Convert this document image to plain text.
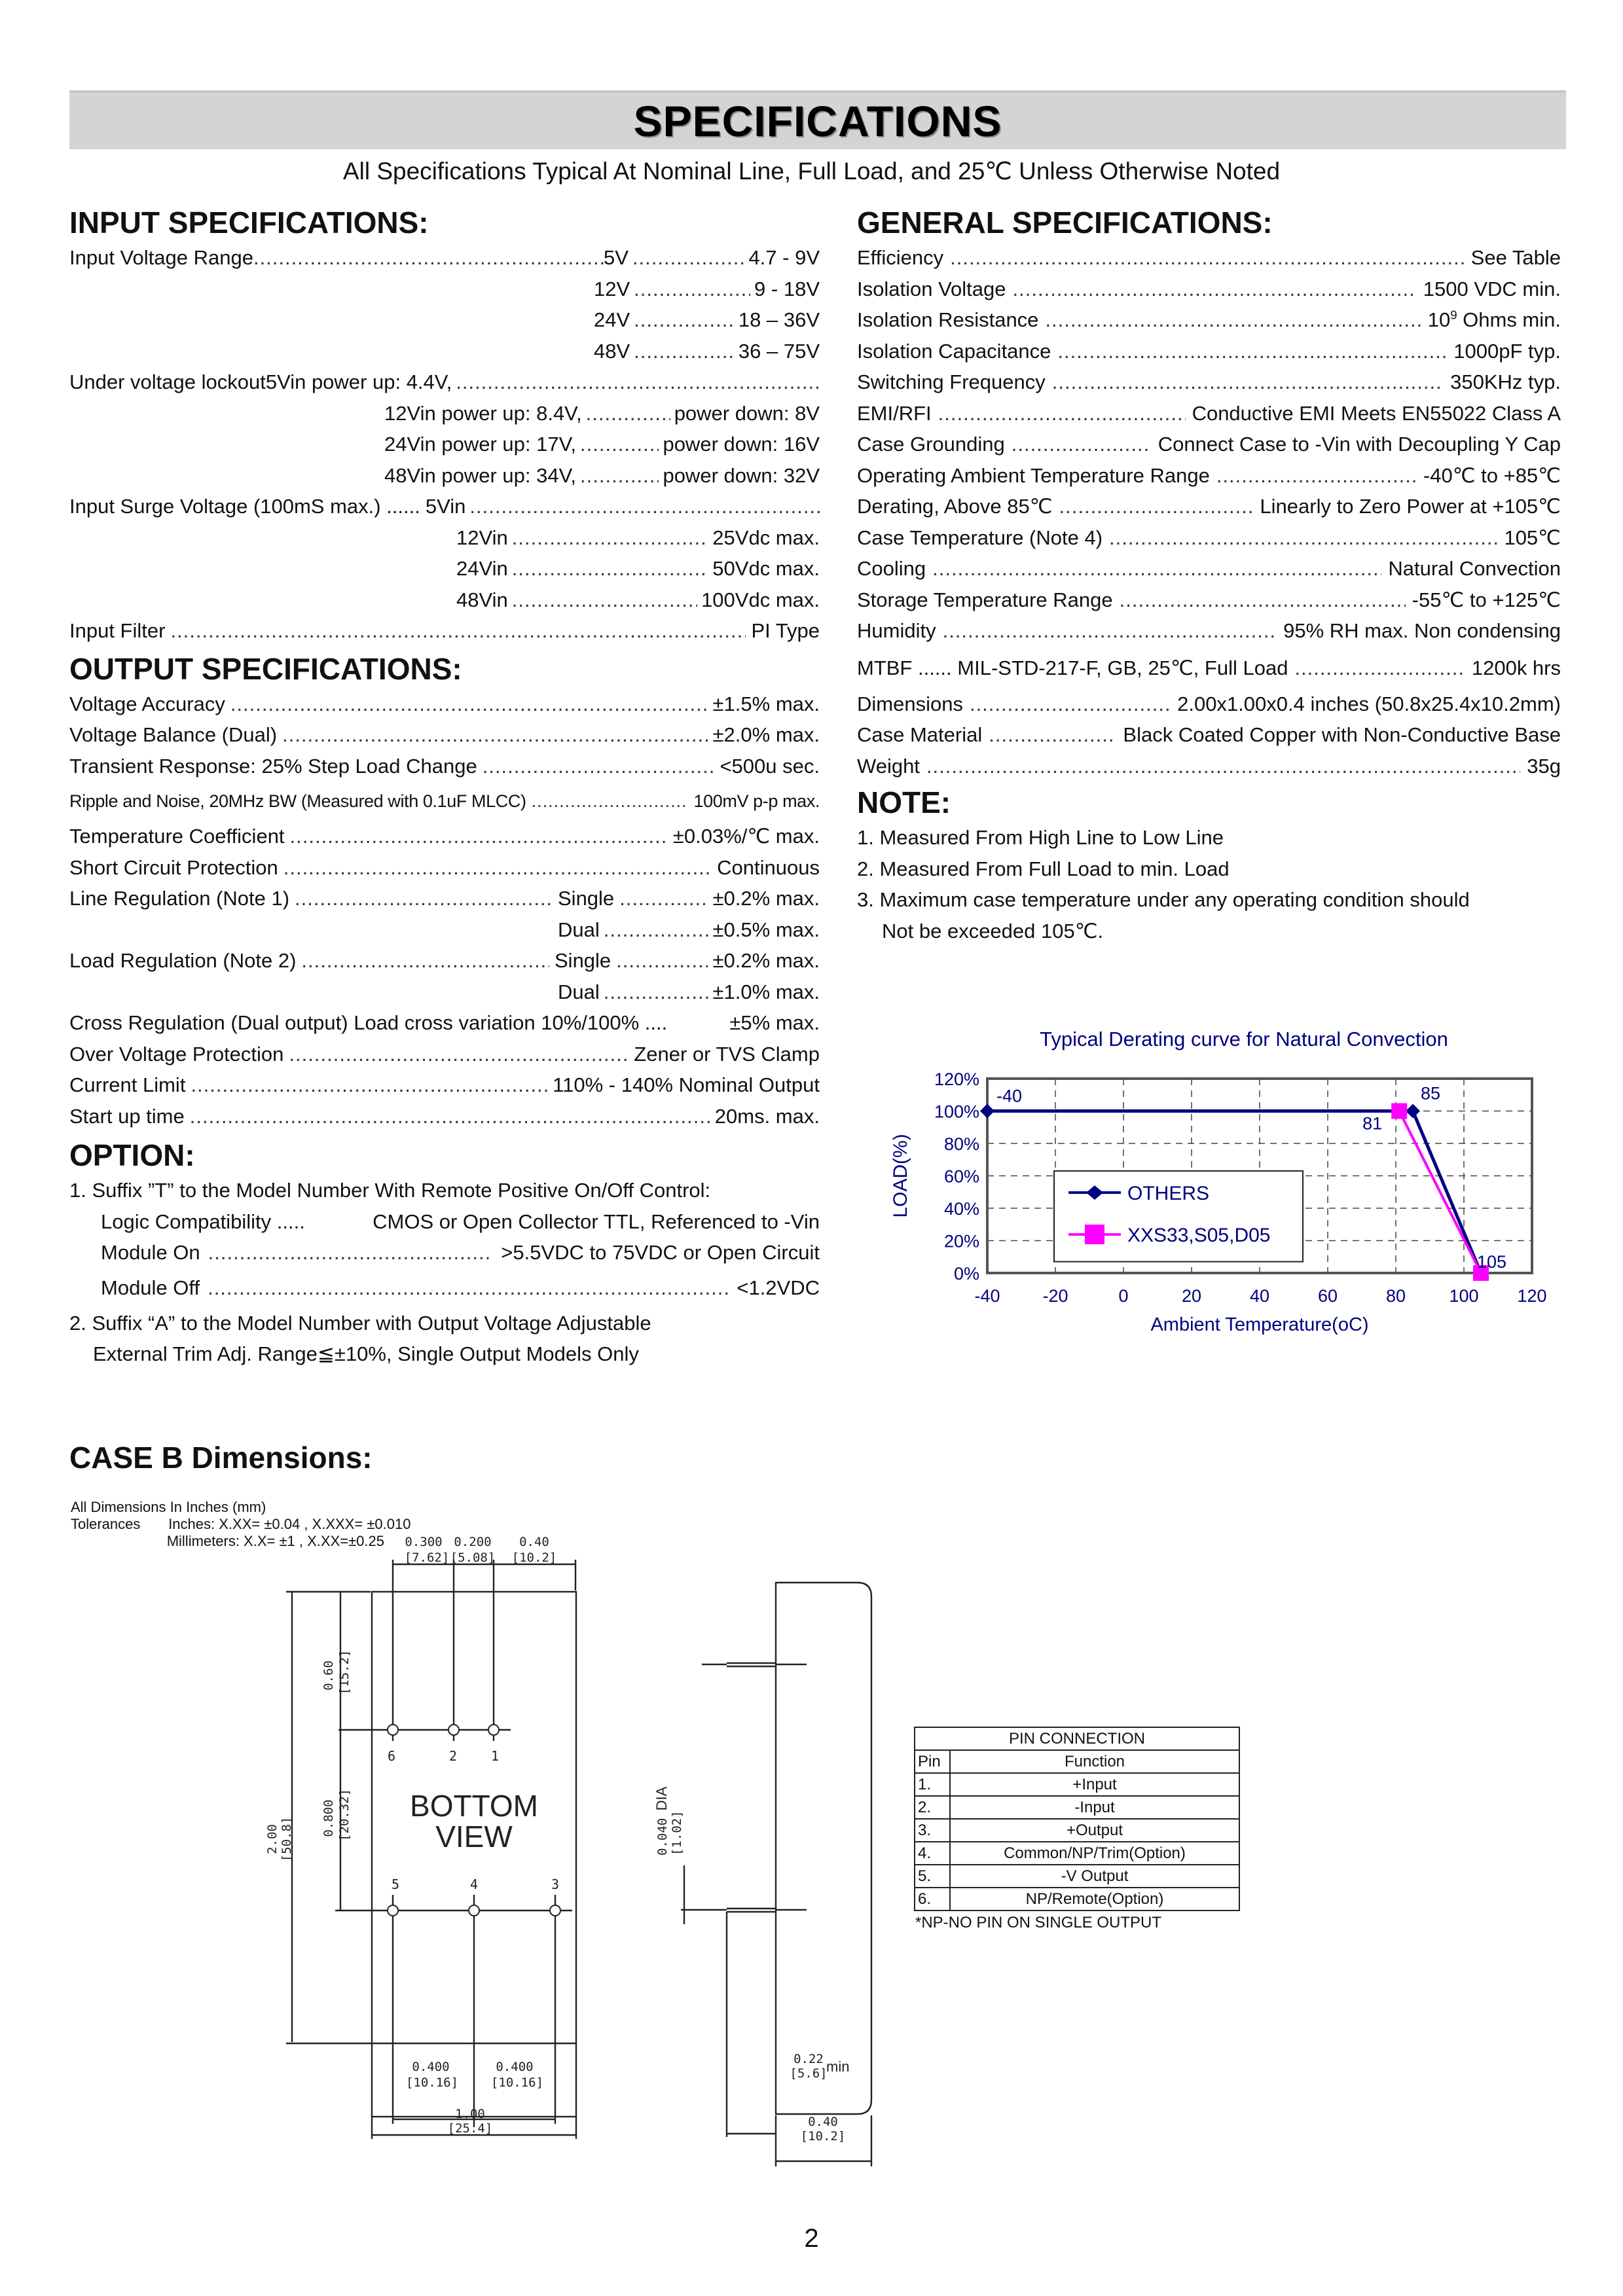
SPECIFICATIONS
All Specifications Typical At Nominal Line, Full Load, and 25℃ Unless Otherwise Noted
INPUT SPECIFICATIONS:
Input Voltage Range .....	5V .....	4.7 - 9V
12V .....	9 - 18V
24V .....	18 – 36V
48V .....	36 – 75V
Under voltage lockout 5Vin power up: 4.4V,
.....
12Vin power up: 8.4V, .....	power down: 8V
24Vin power up: 17V, .....	power down: 16V
48Vin power up: 34V, .....	power down: 32V
Input Surge Voltage (100mS max.) ...... 5Vin
.....
12Vin .....	25Vdc max.
24Vin .....	50Vdc max.
48Vin .....	100Vdc max.
Input Filter .....	PI Type
OUTPUT SPECIFICATIONS:
Voltage Accuracy .....	±1.5% max.
Voltage Balance (Dual) .....	±2.0% max.
Transient Response: 25% Step Load Change .....	<500u sec.
Ripple and Noise, 20MHz BW (Measured with 0.1uF MLCC) .....	100mV p-p max.
Temperature Coefficient .....	±0.03%/℃ max.
Short Circuit Protection .....	Continuous
Line Regulation (Note 1) .....	Single .....	±0.2% max.
Dual .....	±0.5% max.
Load Regulation (Note 2) .....	Single .....	±0.2% max.
Dual .....	±1.0% max.
Cross Regulation (Dual output) Load cross variation 10%/100% ....	±5% max.
Over Voltage Protection .....	Zener or TVS Clamp
Current Limit .....	110% - 140% Nominal Output
Start up time .....	20ms. max.
OPTION:
1. Suffix ”T” to the Model Number With Remote Positive On/Off Control:
Logic Compatibility .....	CMOS or Open Collector TTL, Referenced to -Vin
Module On .....	>5.5VDC to 75VDC or Open Circuit
Module Off .....	<1.2VDC
2. Suffix “A” to the Model Number with Output Voltage Adjustable
External Trim Adj. Range≦±10%, Single Output Models Only
GENERAL SPECIFICATIONS:
Efficiency .....	See Table
Isolation Voltage .....	1500 VDC min.
Isolation Resistance .....	$10^9$ Ohms min.
Isolation Capacitance .....	1000pF typ.
Switching Frequency .....	350KHz typ.
EMI/RFI .....	Conductive EMI Meets EN55022 Class A
Case Grounding .....	Connect Case to -Vin with Decoupling Y Cap
Operating Ambient Temperature Range .....	-40℃ to +85℃
Derating, Above 85℃ .....	Linearly to Zero Power at +105℃
Case Temperature (Note 4) .....	105℃
Cooling .....	Natural Convection
Storage Temperature Range .....	-55℃ to +125℃
Humidity .....	95% RH max. Non condensing
MTBF ...... MIL-STD-217-F, GB, 25℃, Full Load .....	1200k hrs
Dimensions .....	2.00x1.00x0.4 inches (50.8x25.4x10.2mm)
Case Material .....	Black Coated Copper with Non-Conductive Base
Weight .....	35g
NOTE:
1. Measured From High Line to Low Line
2. Measured From Full Load to min. Load
3. Maximum case temperature under any operating condition should
Not be exceeded 105℃.
Typical Derating curve for Natural Convection
0%
20%
40%
60%
80%
100%
120%
-40 -20	0	20	40	60	80 100 120
LOAD(%)
Ambient Temperature(oC)
-40	85
81
105
OTHERS
XXS33,S05,D05
CASE B Dimensions:
All Dimensions In Inches (mm)
Tolerances Inches: X.XX= ±0.04 , X.XXX= ±0.010
Millimeters: X.X= ±1 , X.XX=±0.25
BOTTOM
VIEW
6	2	1
5	4	3
0.300
[7.62]
0.200
[5.08]
0.40
[10.2]
0.60 [15.2]
0.800 [20.32]
2.00 [50.8]
0.400
[10.16]
0.400
[10.16]
1.00
[25.4]
0.040 DIA
[1.02]
0.22
[5.6]
min
0.40
[10.2]
PIN CONNECTION	
Pin	Function
1.	+Input
2.	-Input
3.	+Output
4.	Common/NP/Trim(Option)
5.	-V Output
6.	NP/Remote(Option)
*NP-NO PIN ON SINGLE OUTPUT
2
